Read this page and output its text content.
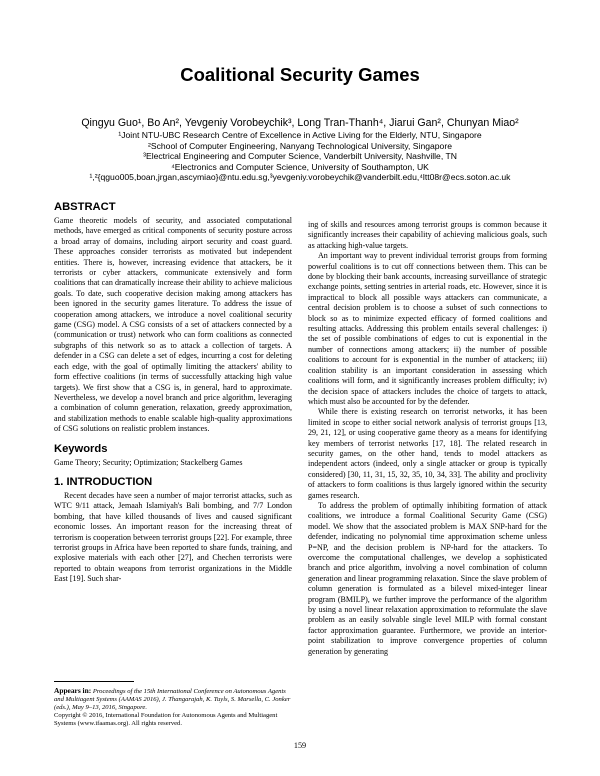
Coalitional Security Games
Qingyu Guo¹, Bo An², Yevgeniy Vorobeychik³, Long Tran-Thanh⁴, Jiarui Gan², Chunyan Miao²
¹Joint NTU-UBC Research Centre of Excellence in Active Living for the Elderly, NTU, Singapore
²School of Computer Engineering, Nanyang Technological University, Singapore
³Electrical Engineering and Computer Science, Vanderbilt University, Nashville, TN
⁴Electronics and Computer Science, University of Southampton, UK
¹,²{qguo005,boan,jrgan,ascymiao}@ntu.edu.sg,³yevgeniy.vorobeychik@vanderbilt.edu,⁴ltt08r@ecs.soton.ac.uk
ABSTRACT

Game theoretic models of security, and associated computational methods, have emerged as critical components of security posture across a broad array of domains, including airport security and coast guard. These approaches consider terrorists as motivated but independent entities. There is, however, increasing evidence that attackers, be it terrorists or cyber attackers, communicate extensively and form coalitions that can dramatically increase their ability to achieve malicious goals. To date, such cooperative decision making among attackers has been ignored in the security games literature. To address the issue of cooperation among attackers, we introduce a novel coalitional security game (CSG) model. A CSG consists of a set of attackers connected by a (communication or trust) network who can form coalitions as connected subgraphs of this network so as to attack a collection of targets. A defender in a CSG can delete a set of edges, incurring a cost for deleting each edge, with the goal of optimally limiting the attackers' ability to form effective coalitions (in terms of successfully attacking high value targets). We first show that a CSG is, in general, hard to approximate. Nevertheless, we develop a novel branch and price algorithm, leveraging a combination of column generation, relaxation, greedy approximation, and stabilization methods to enable scalable high-quality approximations of CSG solutions on realistic problem instances.

Keywords

Game Theory; Security; Optimization; Stackelberg Games

1. INTRODUCTION

Recent decades have seen a number of major terrorist attacks, such as WTC 9/11 attack, Jemaah Islamiyah's Bali bombing, and 7/7 London bombing, that have killed thousands of lives and caused significant economic losses. An important reason for the increasing threat of terrorism is cooperation between terrorist groups [22]. For example, three terrorist groups in Africa have been reported to share funds, training, and explosive materials with each other [27], and Chechen terrorists were reported to obtain weapons from terrorist organizations in the Middle East [19]. Such shar-

Appears in: Proceedings of the 15th International Conference on Autonomous Agents and Multiagent Systems (AAMAS 2016), J. Thangarajah, K. Tuyls, S. Marsella, C. Jonker (eds.), May 9–13, 2016, Singapore.
Copyright © 2016, International Foundation for Autonomous Agents and Multiagent Systems (www.ifaamas.org). All rights reserved.

ing of skills and resources among terrorist groups is common because it significantly increases their capability of achieving malicious goals, such as attacking high-value targets.

An important way to prevent individual terrorist groups from forming powerful coalitions is to cut off connections between them. This can be done by blocking their bank accounts, increasing surveillance of strategic exchange points, setting sentries in arterial roads, etc. However, since it is impractical to block all possible ways attackers can communicate, a central decision problem is to choose a subset of such connections to block so as to minimize expected efficacy of formed coalitions and resulting attacks. Addressing this problem entails several challenges: i) the set of possible combinations of edges to cut is exponential in the number of connections among attackers; ii) the number of possible coalitions to account for is exponential in the number of attackers; iii) coalition stability is an important consideration in assessing which coalitions will form, and it significantly increases problem difficulty; iv) the decision space of attackers includes the choice of targets to attack, which must also be accounted for by the defender.

While there is existing research on terrorist networks, it has been limited in scope to either social network analysis of terrorist groups [13, 29, 21, 12], or using cooperative game theory as a means for identifying key members of terrorist networks [17, 18]. The related research in security games, on the other hand, tends to model attackers as independent actors (indeed, only a single attacker or group is typically considered) [30, 11, 31, 15, 32, 35, 10, 34, 33]. The ability and proclivity of attackers to form coalitions is thus largely ignored within the security games research.

To address the problem of optimally inhibiting formation of attack coalitions, we introduce a formal Coalitional Security Game (CSG) model. We show that the associated problem is MAX SNP-hard for the defender, indicating no polynomial time approximation scheme unless P=NP, and the decision problem is NP-hard for the attackers. To overcome the computational challenges, we develop a sophisticated branch and price algorithm, involving a novel combination of column generation and linear programming relaxation. Since the slave problem of column generation is formulated as a bilevel mixed-integer linear program (BMILP), we further improve the performance of the algorithm by using a novel linear relaxation approximation to reformulate the slave problem as an easily solvable single level MILP with formal constant factor approximation guarantee. Furthermore, we provide an interior-point stabilization to improve convergence properties of column generation by generating

159
